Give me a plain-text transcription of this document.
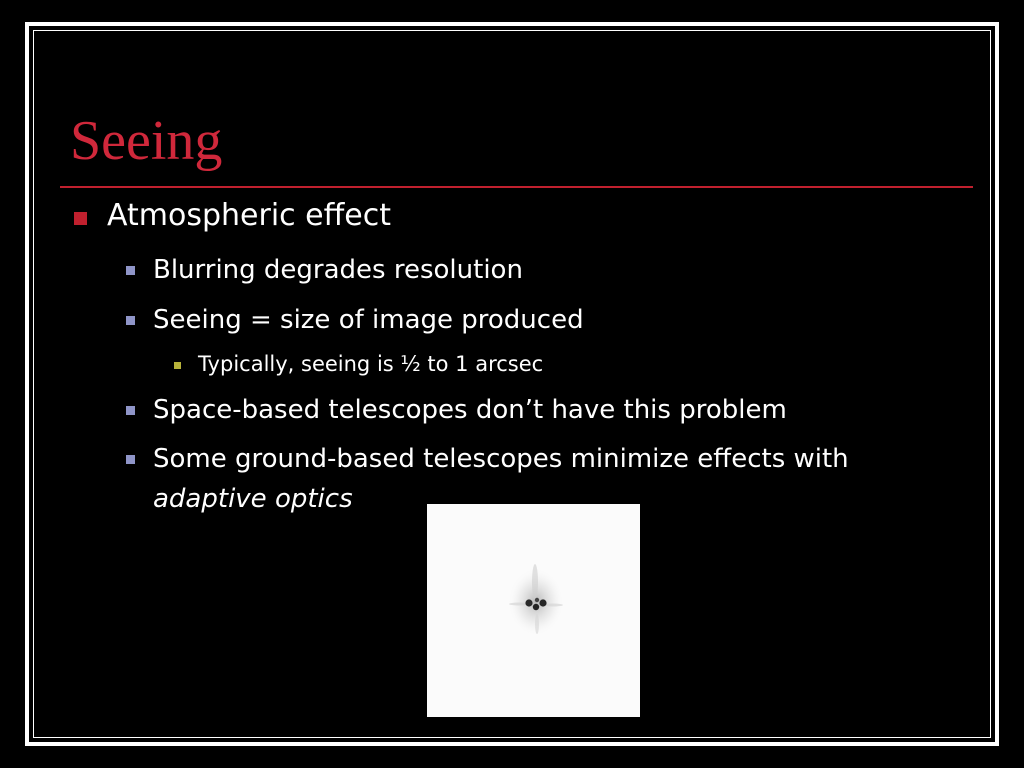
Seeing
Atmospheric effect
Blurring degrades resolution
Seeing = size of image produced
Typically, seeing is ½ to 1 arcsec
Space-based telescopes don’t have this problem
Some ground-based telescopes minimize effects with
adaptive optics
